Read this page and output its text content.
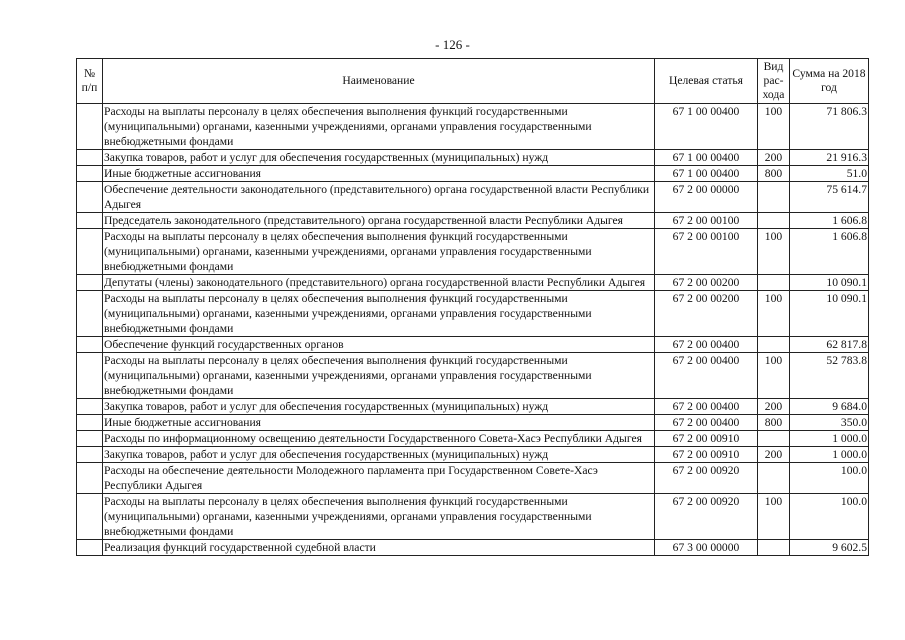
- 126 -
№ п/п	Наименование	Целевая статья	Вид рас-хода	Сумма на 2018 год
	Расходы на выплаты персоналу в целях обеспечения выполнения функций государственными (муниципальными) органами, казенными учреждениями, органами управления государственными внебюджетными фондами	67 1 00 00400	100	71 806.3
	Закупка товаров, работ и услуг для обеспечения государственных (муниципальных) нужд	67 1 00 00400	200	21 916.3
	Иные бюджетные ассигнования	67 1 00 00400	800	51.0
	Обеспечение деятельности законодательного (представительного) органа государственной власти Республики Адыгея	67 2 00 00000		75 614.7
	Председатель законодательного (представительного) органа государственной власти Республики Адыгея	67 2 00 00100		1 606.8
	Расходы на выплаты персоналу в целях обеспечения выполнения функций государственными (муниципальными) органами, казенными учреждениями, органами управления государственными внебюджетными фондами	67 2 00 00100	100	1 606.8
	Депутаты (члены) законодательного (представительного) органа государственной власти Республики Адыгея	67 2 00 00200		10 090.1
	Расходы на выплаты персоналу в целях обеспечения выполнения функций государственными (муниципальными) органами, казенными учреждениями, органами управления государственными внебюджетными фондами	67 2 00 00200	100	10 090.1
	Обеспечение функций государственных органов	67 2 00 00400		62 817.8
	Расходы на выплаты персоналу в целях обеспечения выполнения функций государственными (муниципальными) органами, казенными учреждениями, органами управления государственными внебюджетными фондами	67 2 00 00400	100	52 783.8
	Закупка товаров, работ и услуг для обеспечения государственных (муниципальных) нужд	67 2 00 00400	200	9 684.0
	Иные бюджетные ассигнования	67 2 00 00400	800	350.0
	Расходы по информационному освещению деятельности Государственного Совета-Хасэ Республики Адыгея	67 2 00 00910		1 000.0
	Закупка товаров, работ и услуг для обеспечения государственных (муниципальных) нужд	67 2 00 00910	200	1 000.0
	Расходы на обеспечение деятельности Молодежного парламента при Государственном Совете-Хасэ Республики Адыгея	67 2 00 00920		100.0
	Расходы на выплаты персоналу в целях обеспечения выполнения функций государственными (муниципальными) органами, казенными учреждениями, органами управления государственными внебюджетными фондами	67 2 00 00920	100	100.0
	Реализация функций государственной судебной власти	67 3 00 00000		9 602.5
